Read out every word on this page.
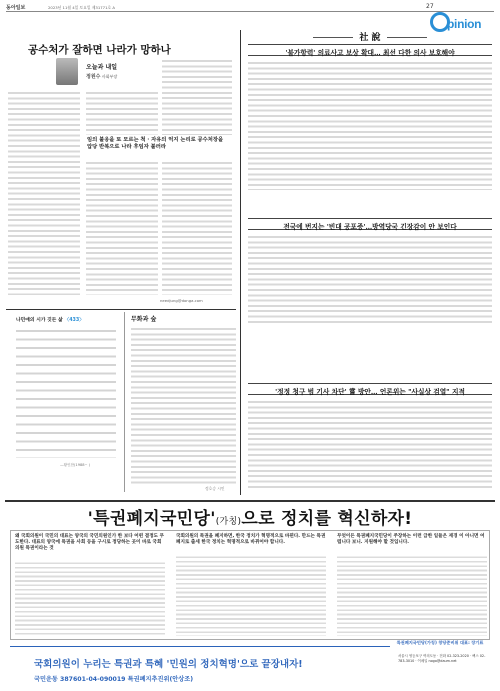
동아일보	2023년 11월 4일 토요일 제31771호 A	27
pinion
공수처가 잘하면 나라가 망하나
오늘과 내일
정원수 사회부장
임의 불응을 또 모르는 척 · 자유의 억지 논리로 공수처장을 압당 반복으로 나라 후임자 불러라
needjung@donga.com
社 說
'불가항력' 의료사고 보상 확대… 최선 다한 의사 보호해야
전국에 번지는 '빈대 공포증'…방역당국 긴장감이 안 보인다
'정정 청구 범 기사 차단' 嘗 방안… 언론위는 "사실상 검열" 지적
나민애의 시가 깃든 삶 〈433〉
—황인찬(1988~ )
무화과 숲
정호승 시인
'특권폐지국민당'(가칭)으로 정치를 혁신하자!
왜 국회의원이 국민의 대표는 양국의 국민의원인가 한 보다 어떤 결정도 무도한다. 대표의 양국에 특권을 사회 등을 구시로 정당하는 곳이 바로 국회의원 특권이라는 것
국회의원의 특권을 폐지하면, 한국 정치가 혁명적으로 바뀐다. 만드는 특권폐지로 출세 한국 정치는 혁명적으로 바뀌어야 합니다.
무엇이든 특권폐지국민당이 주장하는 이런 급한 일들은 재경 이 아니면 어렵니다 보니. 지원해야 할 것입니다.
국회의원이 누리는 특권과 특혜 '민원의 정치혁명'으로 끝장내자!
국민운동 387601-04-090019 특권폐지추진위(안상조)
특권폐지국민당(가칭) 창당준비위 대표: 장기표
서울시 영등포구 여의도동 · 전화 02-323-2020 · 팩스 02-783-3010 · 이메일 nogo@daum.net
